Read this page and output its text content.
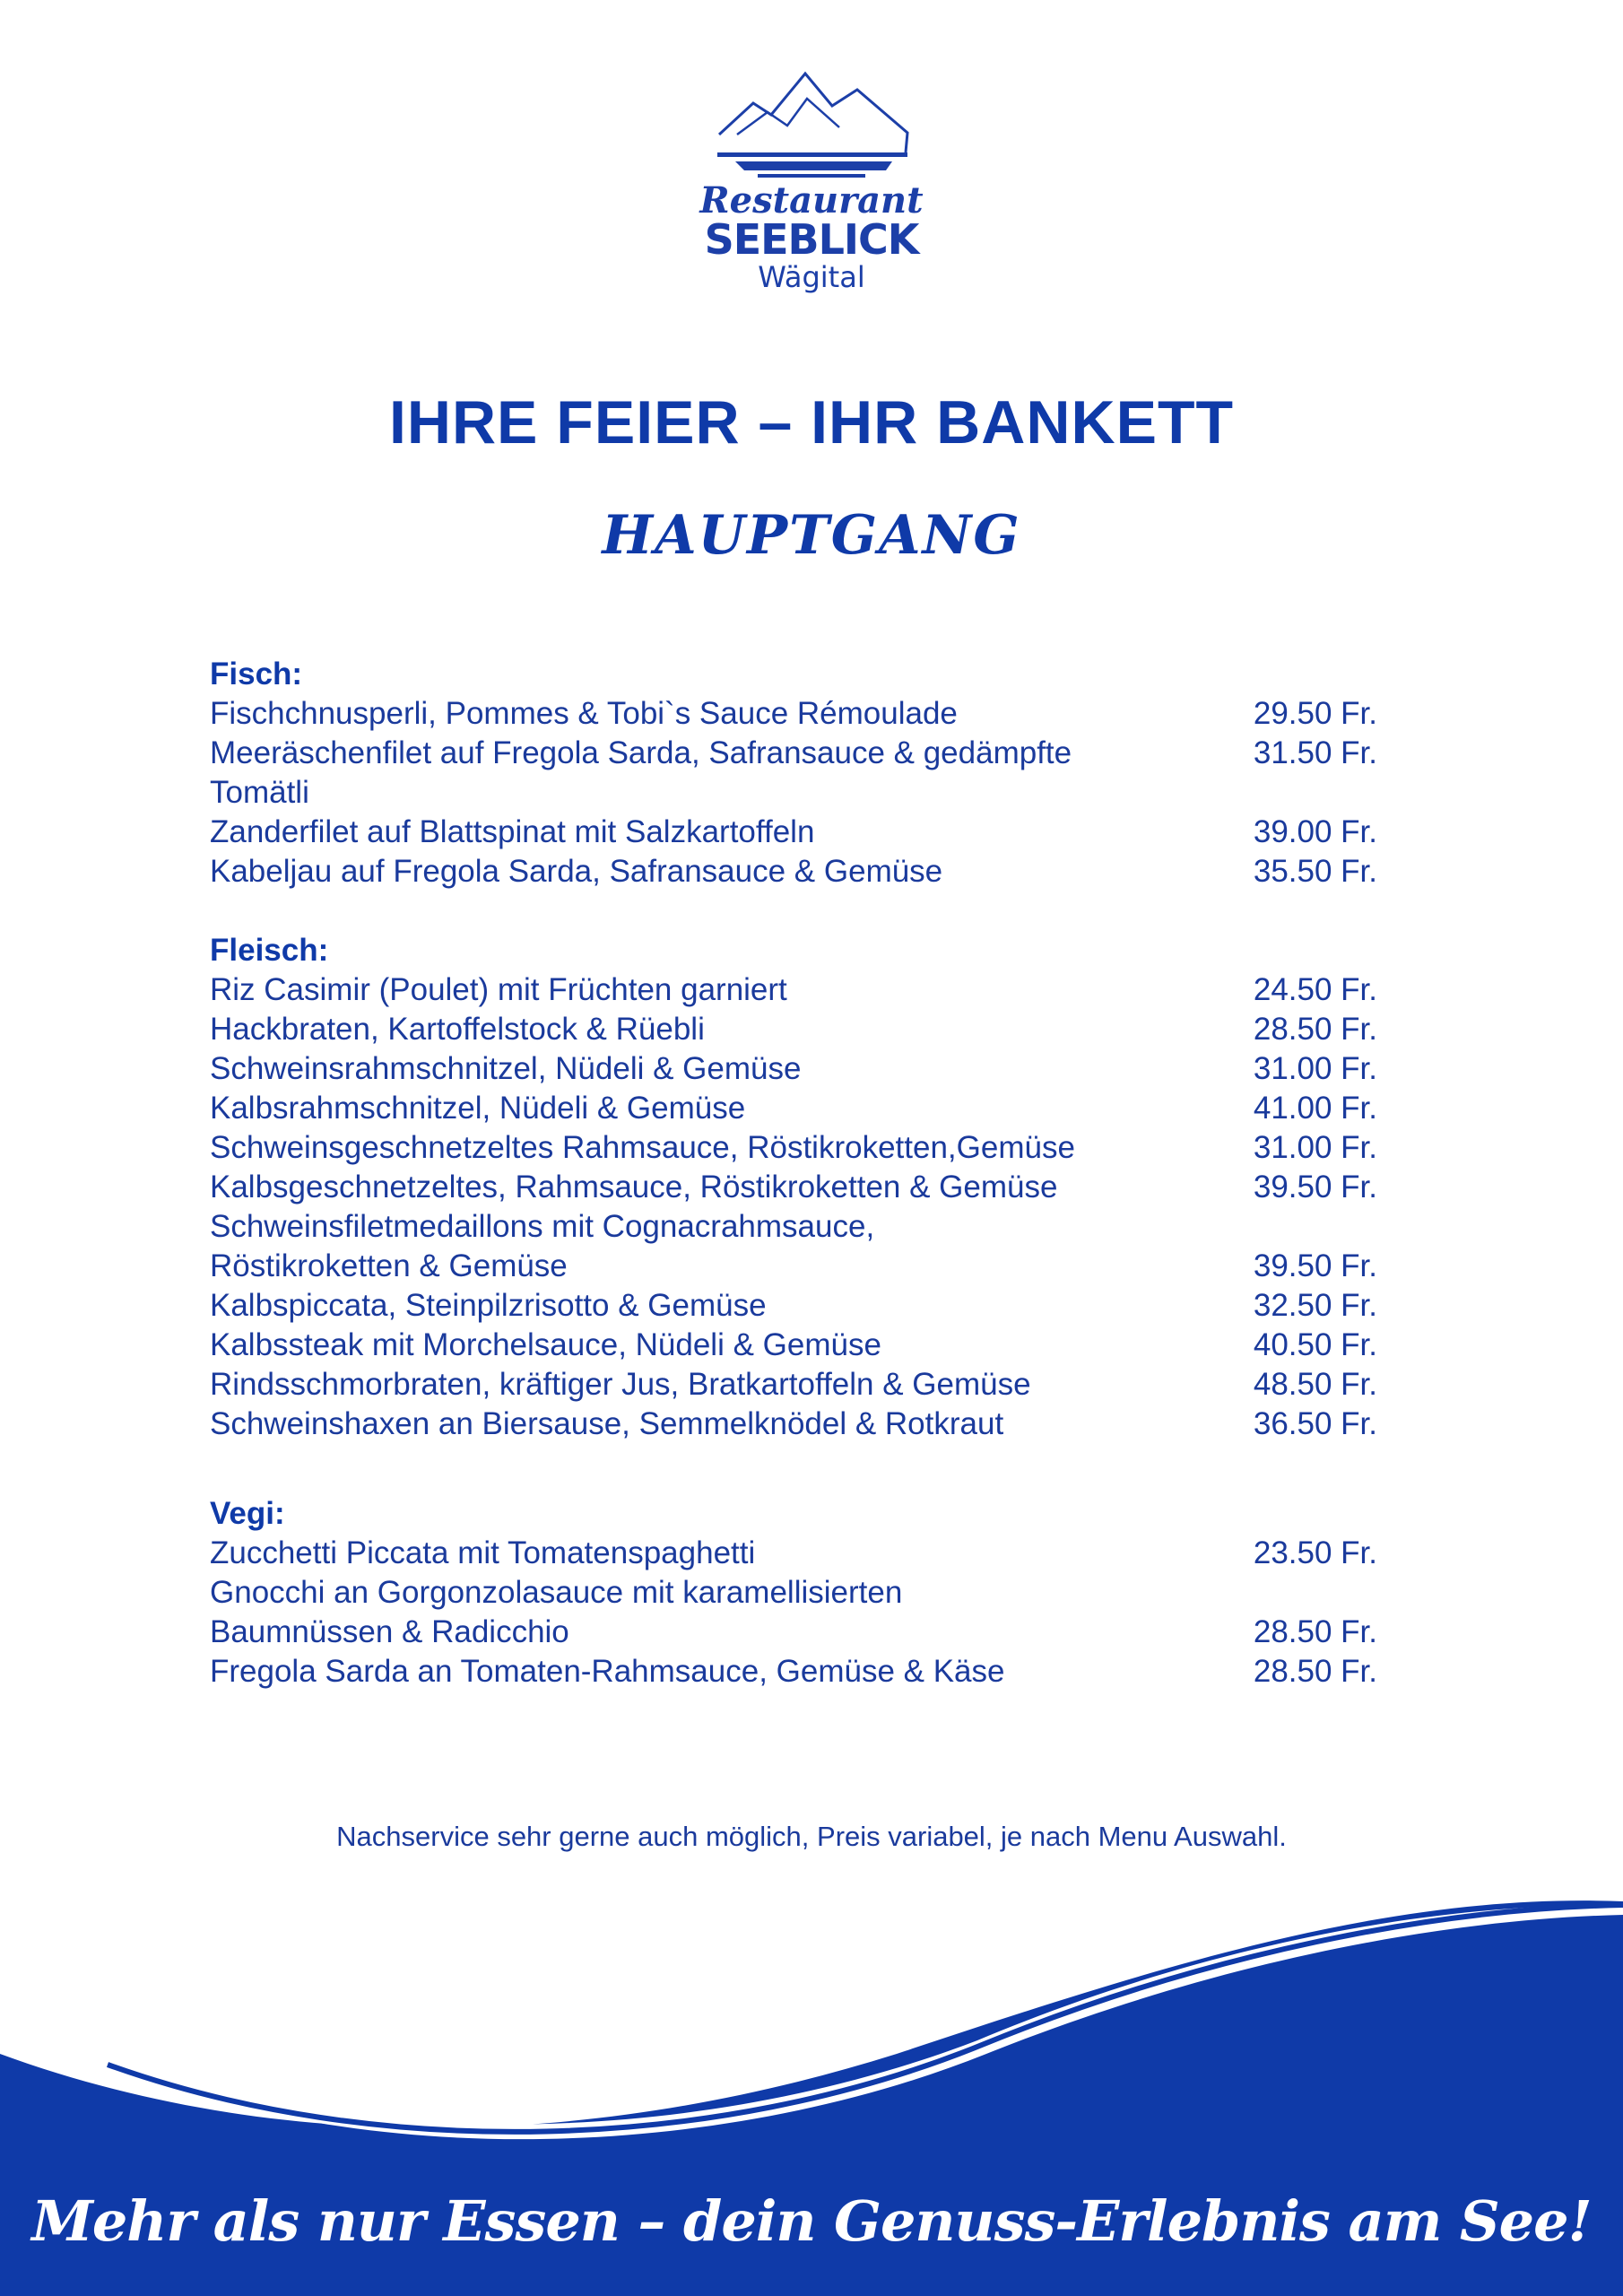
Restaurant
SEEBLICK
Wägital
IHRE FEIER – IHR BANKETT
HAUPTGANG
Fisch:
Fischchnusperli, Pommes & Tobi`s Sauce Rémoulade	29.50 Fr.
Meeräschenfilet auf Fregola Sarda, Safransauce & gedämpfte Tomätli
31.50 Fr.
Zanderfilet auf Blattspinat mit Salzkartoffeln	39.00 Fr.
Kabeljau auf Fregola Sarda, Safransauce & Gemüse	35.50 Fr.
Fleisch:
Riz Casimir (Poulet) mit Früchten garniert	24.50 Fr.
Hackbraten, Kartoffelstock & Rüebli	28.50 Fr.
Schweinsrahmschnitzel, Nüdeli & Gemüse	31.00 Fr.
Kalbsrahmschnitzel, Nüdeli & Gemüse	41.00 Fr.
Schweinsgeschnetzeltes Rahmsauce, Röstikroketten,Gemüse	31.00 Fr.
Kalbsgeschnetzeltes, Rahmsauce, Röstikroketten & Gemüse	39.50 Fr.
Schweinsfiletmedaillons mit Cognacrahmsauce, Röstikroketten & Gemüse	39.50 Fr.
Kalbspiccata, Steinpilzrisotto & Gemüse	32.50 Fr.
Kalbssteak mit Morchelsauce, Nüdeli & Gemüse	40.50 Fr.
Rindsschmorbraten, kräftiger Jus, Bratkartoffeln & Gemüse	48.50 Fr.
Schweinshaxen an Biersause, Semmelknödel & Rotkraut	36.50 Fr.
Vegi:
Zucchetti Piccata mit Tomatenspaghetti	23.50 Fr.
Gnocchi an Gorgonzolasauce mit karamellisierten Baumnüssen & Radicchio	28.50 Fr.
Fregola Sarda an Tomaten-Rahmsauce, Gemüse & Käse	28.50 Fr.
Nachservice sehr gerne auch möglich, Preis variabel, je nach Menu Auswahl.
Mehr als nur Essen – dein Genuss-Erlebnis am See!
